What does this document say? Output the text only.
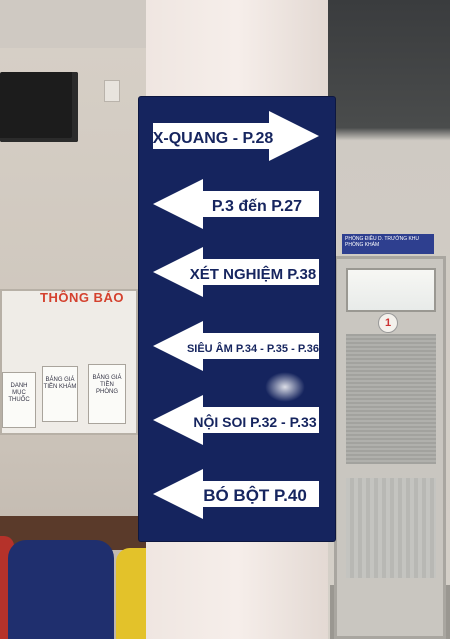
THÔNG BÁO
DANH MỤC THUỐC
BẢNG GIÁ TIỀN KHÁM
BẢNG GIÁ TIỀN PHÒNG
PHÒNG ĐIỀU D. TRƯỞNG KHU PHÒNG KHÁM
1
X-QUANG - P.28
P.3 đến P.27
XÉT NGHIỆM P.38
SIÊU ÂM P.34 - P.35 - P.36
NỘI SOI P.32 - P.33
BÓ BỘT P.40
